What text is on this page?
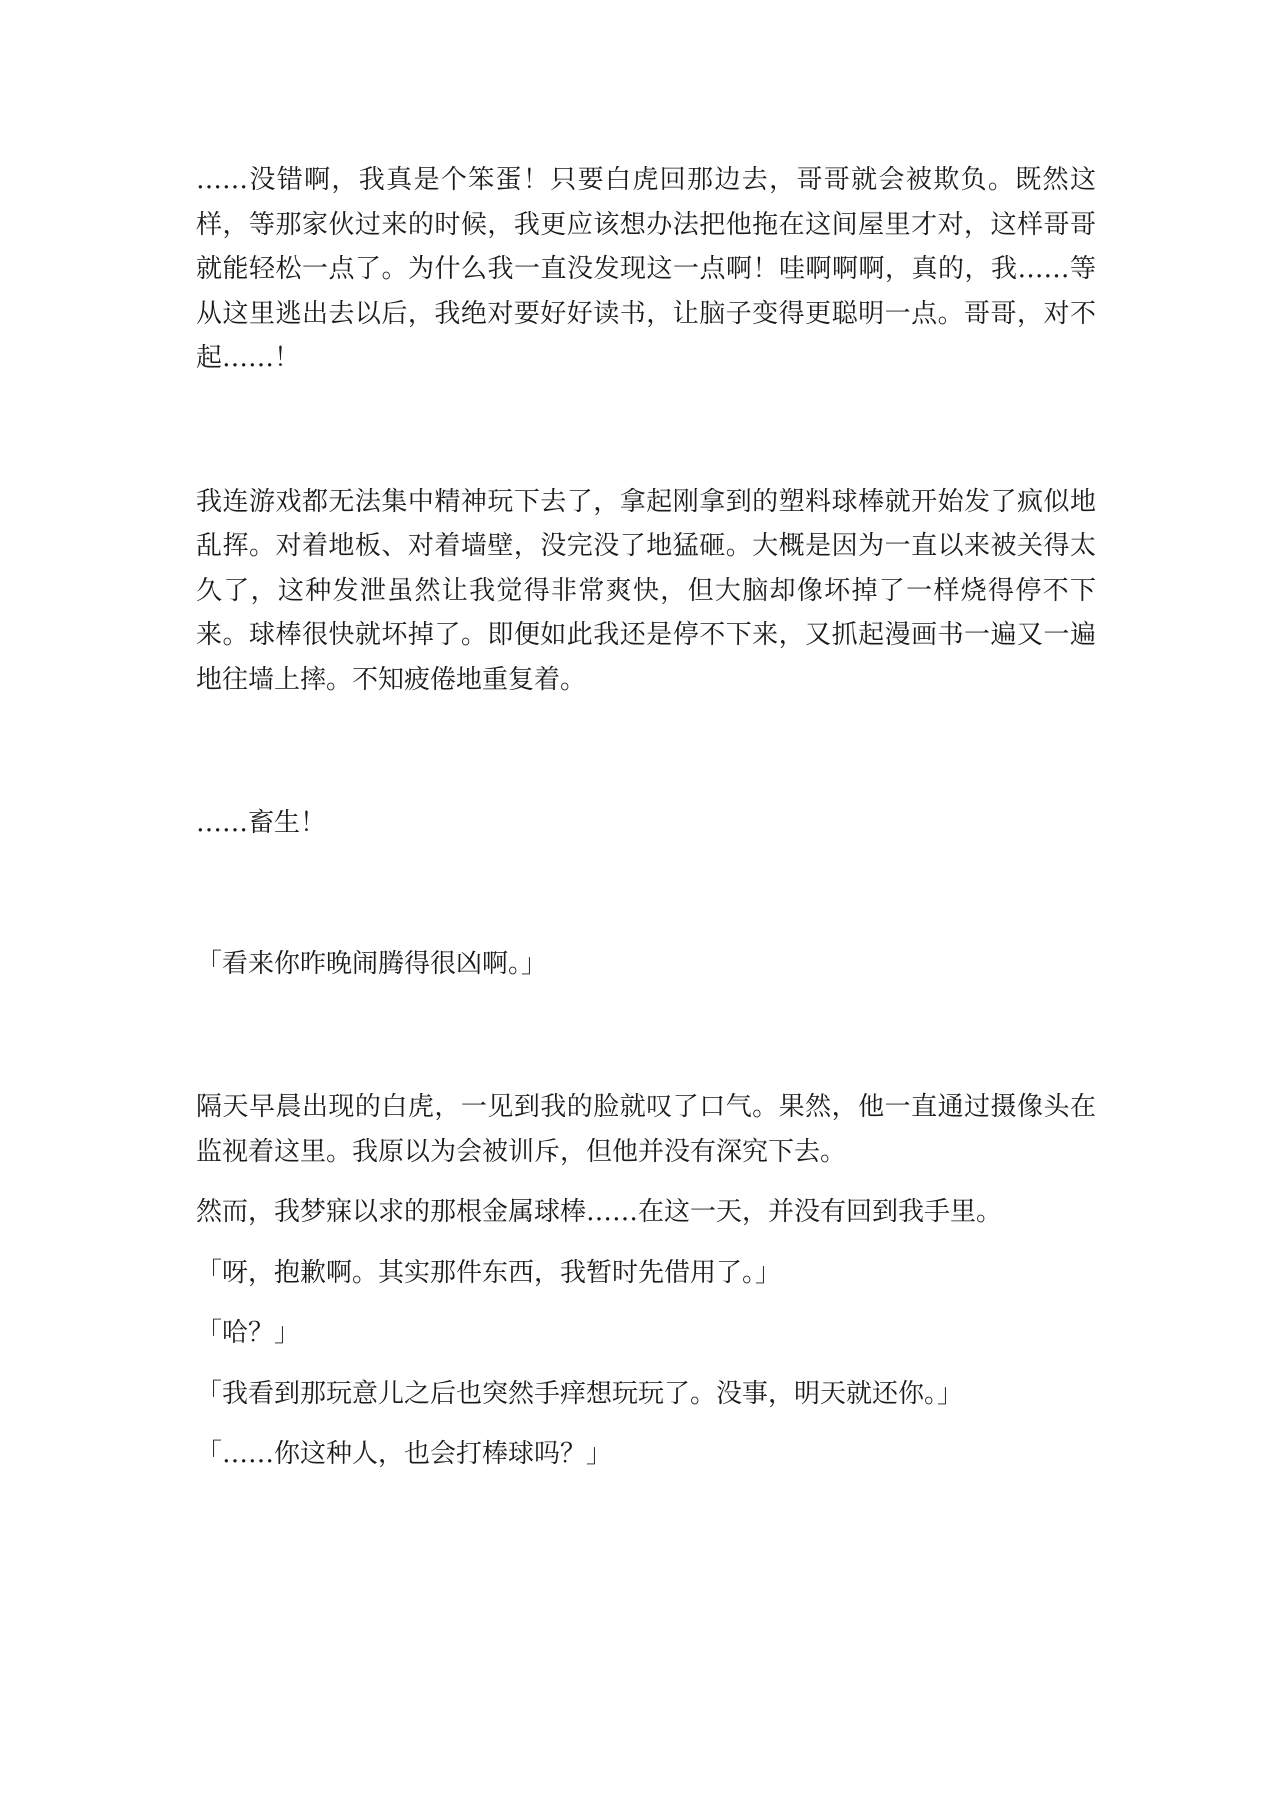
……没错啊，我真是个笨蛋！只要白虎回那边去，哥哥就会被欺负。既然这样，等那家伙过来的时候，我更应该想办法把他拖在这间屋里才对，这样哥哥就能轻松一点了。为什么我一直没发现这一点啊！哇啊啊啊，真的，我……等从这里逃出去以后，我绝对要好好读书，让脑子变得更聪明一点。哥哥，对不起……！

我连游戏都无法集中精神玩下去了，拿起刚拿到的塑料球棒就开始发了疯似地乱挥。对着地板、对着墙壁，没完没了地猛砸。大概是因为一直以来被关得太久了，这种发泄虽然让我觉得非常爽快，但大脑却像坏掉了一样烧得停不下来。球棒很快就坏掉了。即便如此我还是停不下来，又抓起漫画书一遍又一遍地往墙上摔。不知疲倦地重复着。

……畜生！

「看来你昨晚闹腾得很凶啊。」

隔天早晨出现的白虎，一见到我的脸就叹了口气。果然，他一直通过摄像头在监视着这里。我原以为会被训斥，但他并没有深究下去。

然而，我梦寐以求的那根金属球棒……在这一天，并没有回到我手里。

「呀，抱歉啊。其实那件东西，我暂时先借用了。」

「哈？」

「我看到那玩意儿之后也突然手痒想玩玩了。没事，明天就还你。」

「……你这种人，也会打棒球吗？」
